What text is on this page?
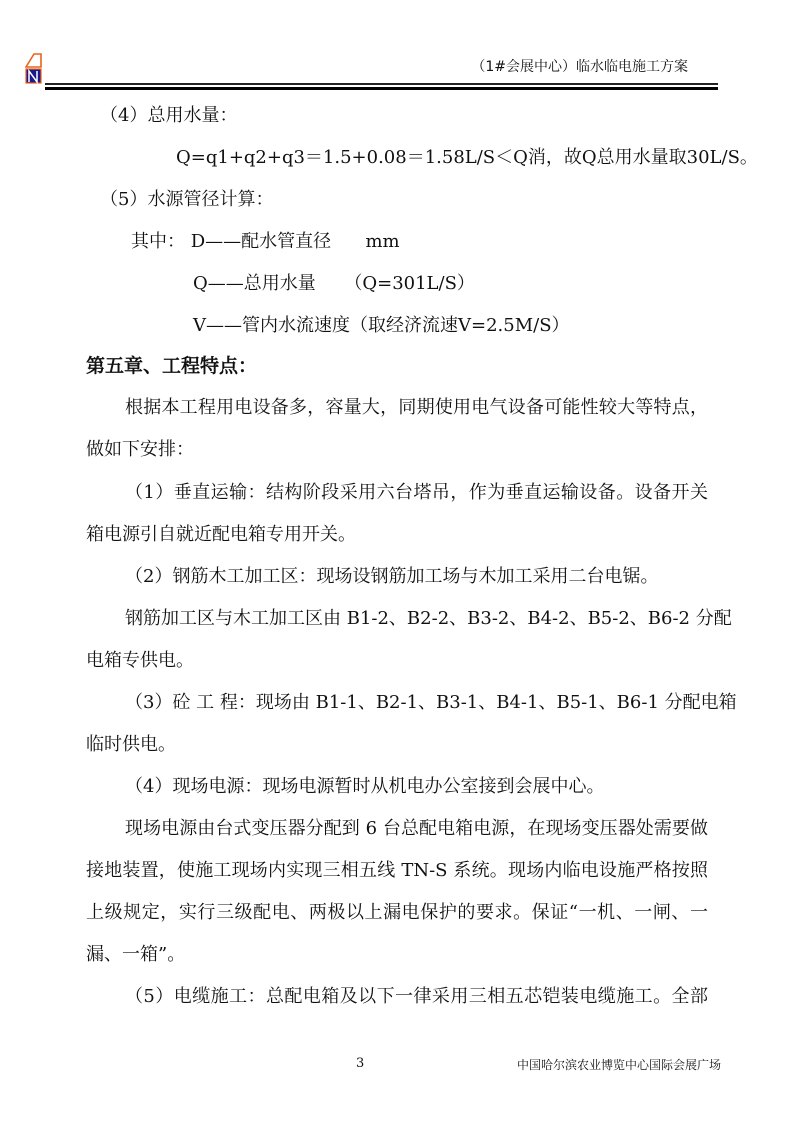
（1#会展中心）临水临电施工方案
（4）总用水量：
Q=q1+q2+q3＝1.5+0.08＝1.58L/S＜Q消，故Q总用水量取30L/S。
（5）水源管径计算：
其中： D——配水管直径      mm
Q——总用水量     （Q=301L/S）
V——管内水流速度（取经济流速V=2.5M/S）
第五章、工程特点：
根据本工程用电设备多，容量大，同期使用电气设备可能性较大等特点，
做如下安排：
（1）垂直运输：结构阶段采用六台塔吊，作为垂直运输设备。设备开关
箱电源引自就近配电箱专用开关。
（2）钢筋木工加工区：现场设钢筋加工场与木加工采用二台电锯。
钢筋加工区与木工加工区由 B1-2、B2-2、B3-2、B4-2、B5-2、B6-2 分配
电箱专供电。
（3）砼 工 程：现场由 B1-1、B2-1、B3-1、B4-1、B5-1、B6-1 分配电箱
临时供电。
（4）现场电源：现场电源暂时从机电办公室接到会展中心。
现场电源由台式变压器分配到 6 台总配电箱电源，在现场变压器处需要做
接地装置，使施工现场内实现三相五线 TN-S 系统。现场内临电设施严格按照
上级规定，实行三级配电、两极以上漏电保护的要求。保证“一机、一闸、一
漏、一箱”。
（5）电缆施工：总配电箱及以下一律采用三相五芯铠装电缆施工。全部
3	中国哈尔滨农业博览中心国际会展广场
